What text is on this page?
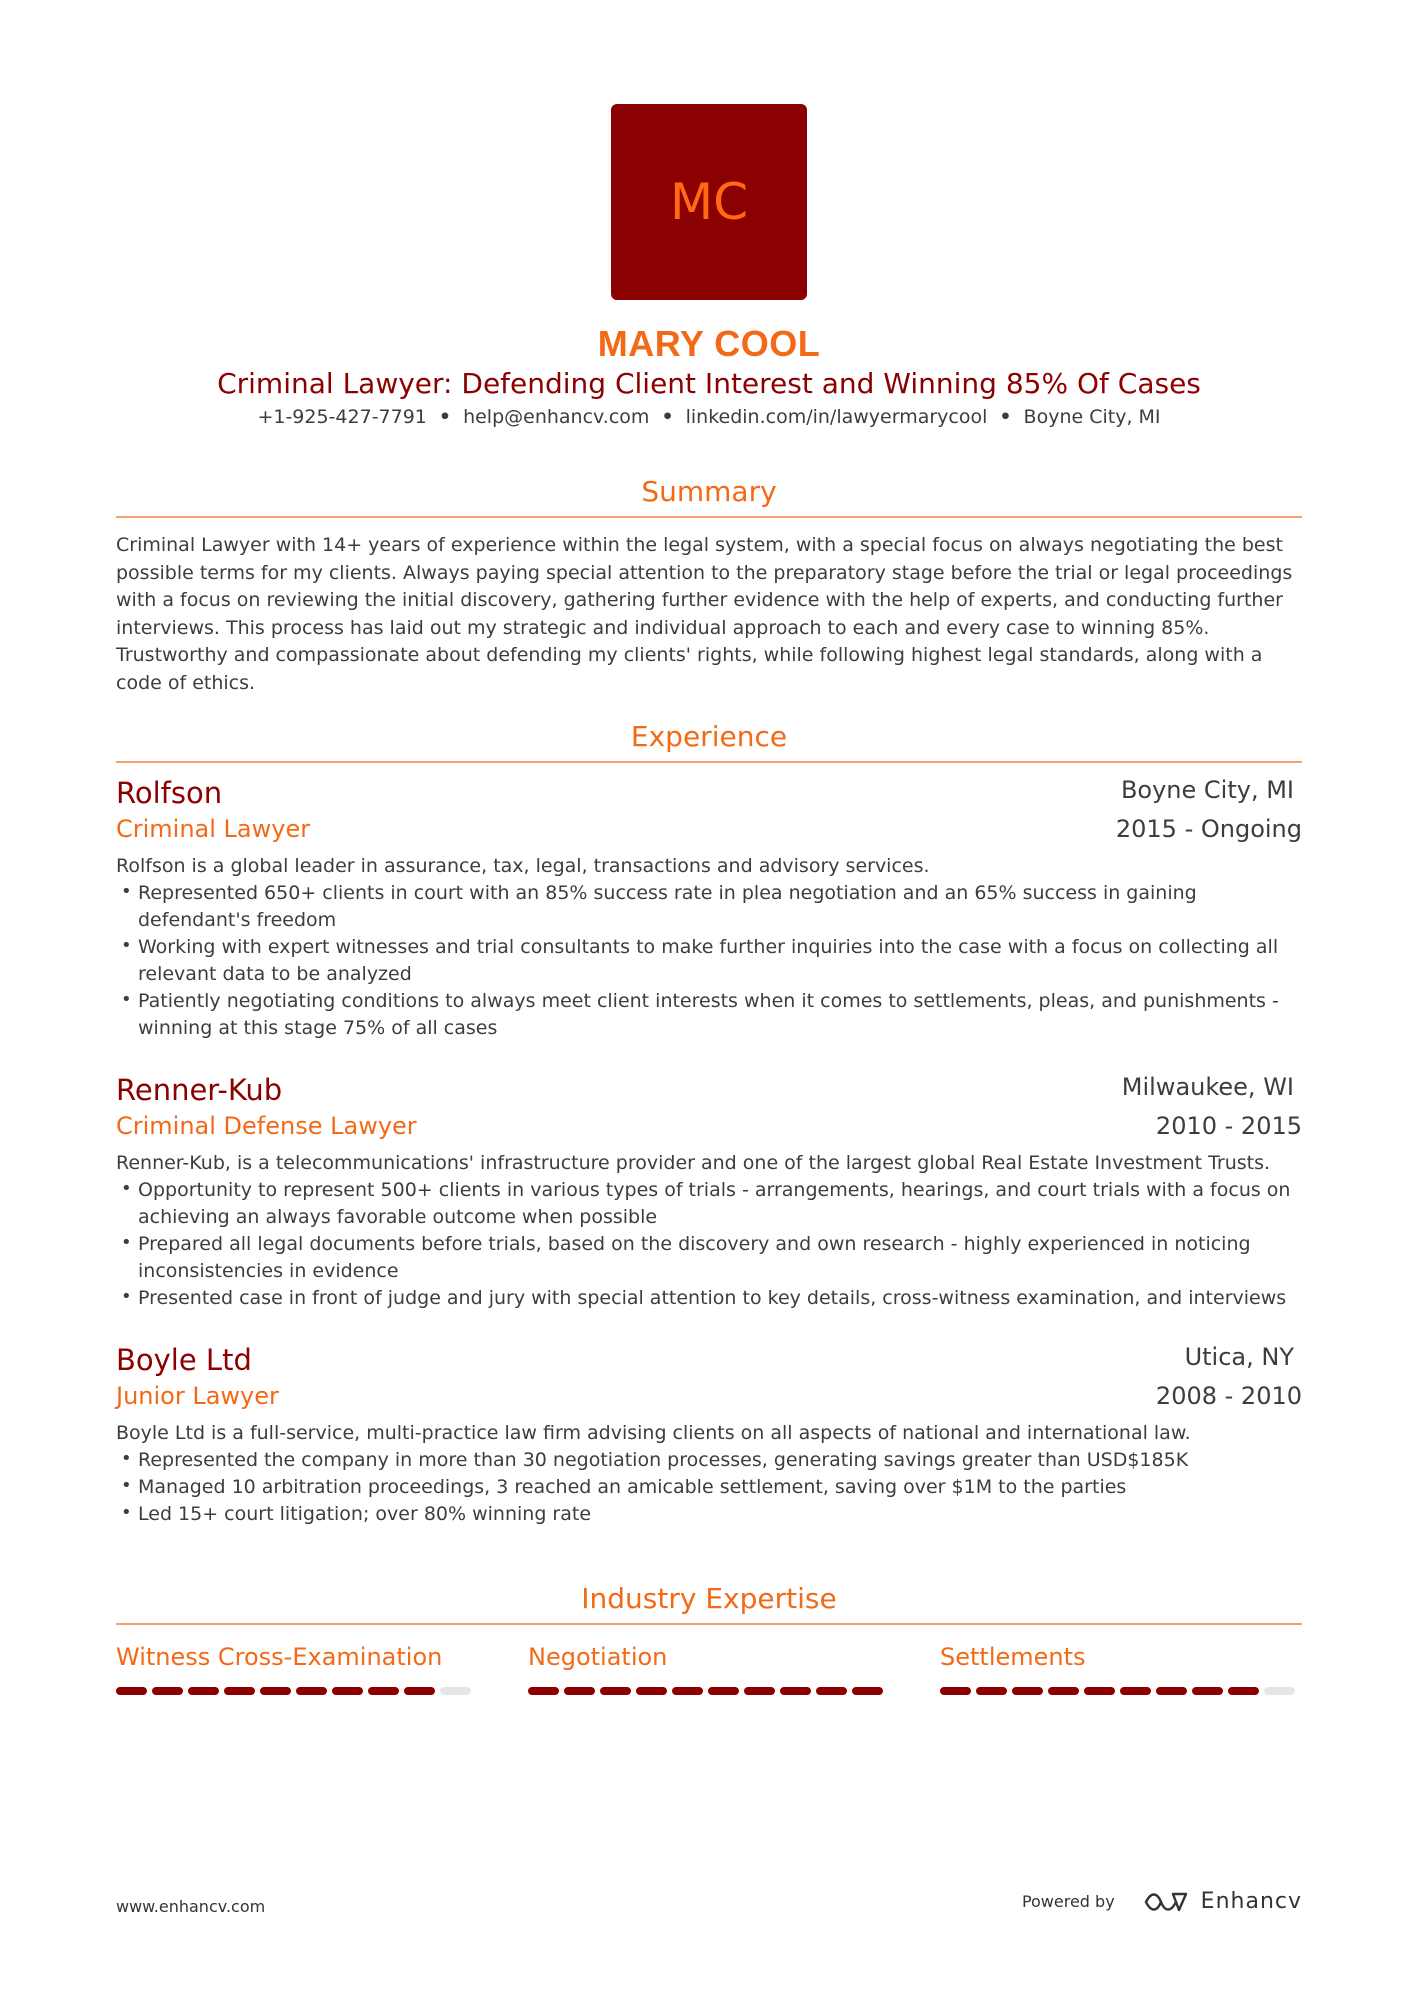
MC
MARY COOL
Criminal Lawyer: Defending Client Interest and Winning 85% Of Cases
+1-925-427-7791 • help@enhancv.com • linkedin.com/in/lawyermarycool • Boyne City, MI
Summary
Criminal Lawyer with 14+ years of experience within the legal system, with a special focus on always negotiating the best possible terms for my clients. Always paying special attention to the preparatory stage before the trial or legal proceedings with a focus on reviewing the initial discovery, gathering further evidence with the help of experts, and conducting further interviews. This process has laid out my strategic and individual approach to each and every case to winning 85%. Trustworthy and compassionate about defending my clients' rights, while following highest legal standards, along with a code of ethics.
Experience
Rolfson	Boyne City, MI
Criminal Lawyer	2015 - Ongoing
Rolfson is a global leader in assurance, tax, legal, transactions and advisory services.
• Represented 650+ clients in court with an 85% success rate in plea negotiation and an 65% success in gaining defendant's freedom
• Working with expert witnesses and trial consultants to make further inquiries into the case with a focus on collecting all relevant data to be analyzed
• Patiently negotiating conditions to always meet client interests when it comes to settlements, pleas, and punishments - winning at this stage 75% of all cases
Renner-Kub	Milwaukee, WI
Criminal Defense Lawyer	2010 - 2015
Renner-Kub, is a telecommunications' infrastructure provider and one of the largest global Real Estate Investment Trusts.
• Opportunity to represent 500+ clients in various types of trials - arrangements, hearings, and court trials with a focus on achieving an always favorable outcome when possible
• Prepared all legal documents before trials, based on the discovery and own research - highly experienced in noticing inconsistencies in evidence
• Presented case in front of judge and jury with special attention to key details, cross-witness examination, and interviews
Boyle Ltd	Utica, NY
Junior Lawyer	2008 - 2010
Boyle Ltd is a full-service, multi-practice law firm advising clients on all aspects of national and international law.
• Represented the company in more than 30 negotiation processes, generating savings greater than USD$185K
• Managed 10 arbitration proceedings, 3 reached an amicable settlement, saving over $1M to the parties
• Led 15+ court litigation; over 80% winning rate
Industry Expertise
Witness Cross-Examination	Negotiation	Settlements
www.enhancv.com	Powered by	Enhancv
